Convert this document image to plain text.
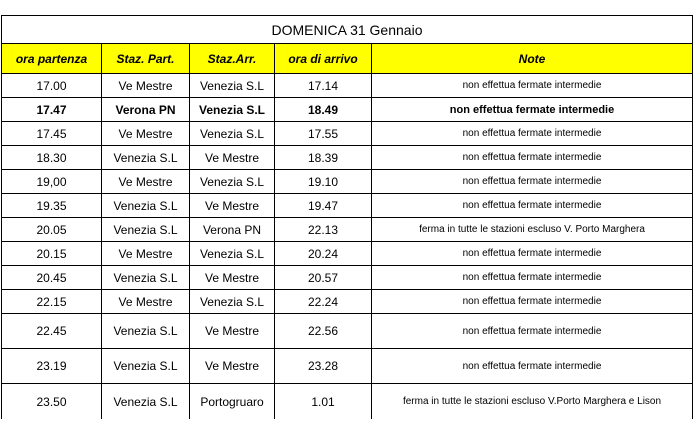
DOMENICA 31 Gennaio				
ora partenza	Staz. Part.	Staz.Arr.	ora di arrivo	Note
17.00	Ve Mestre	Venezia S.L	17.14	non effettua fermate intermedie
17.47	Verona PN	Venezia S.L	18.49	non effettua fermate intermedie
17.45	Ve Mestre	Venezia S.L	17.55	non effettua fermate intermedie
18.30	Venezia S.L	Ve Mestre	18.39	non effettua fermate intermedie
19,00	Ve Mestre	Venezia S.L	19.10	non effettua fermate intermedie
19.35	Venezia S.L	Ve Mestre	19.47	non effettua fermate intermedie
20.05	Venezia S.L	Verona PN	22.13	ferma in tutte le stazioni escluso V. Porto Marghera
20.15	Ve Mestre	Venezia S.L	20.24	non effettua fermate intermedie
20.45	Venezia S.L	Ve Mestre	20.57	non effettua fermate intermedie
22.15	Ve Mestre	Venezia S.L	22.24	non effettua fermate intermedie
22.45	Venezia S.L	Ve Mestre	22.56	non effettua fermate intermedie
23.19	Venezia S.L	Ve Mestre	23.28	non effettua fermate intermedie
23.50	Venezia S.L	Portogruaro	1.01	ferma in tutte le stazioni escluso V.Porto Marghera e Lison
